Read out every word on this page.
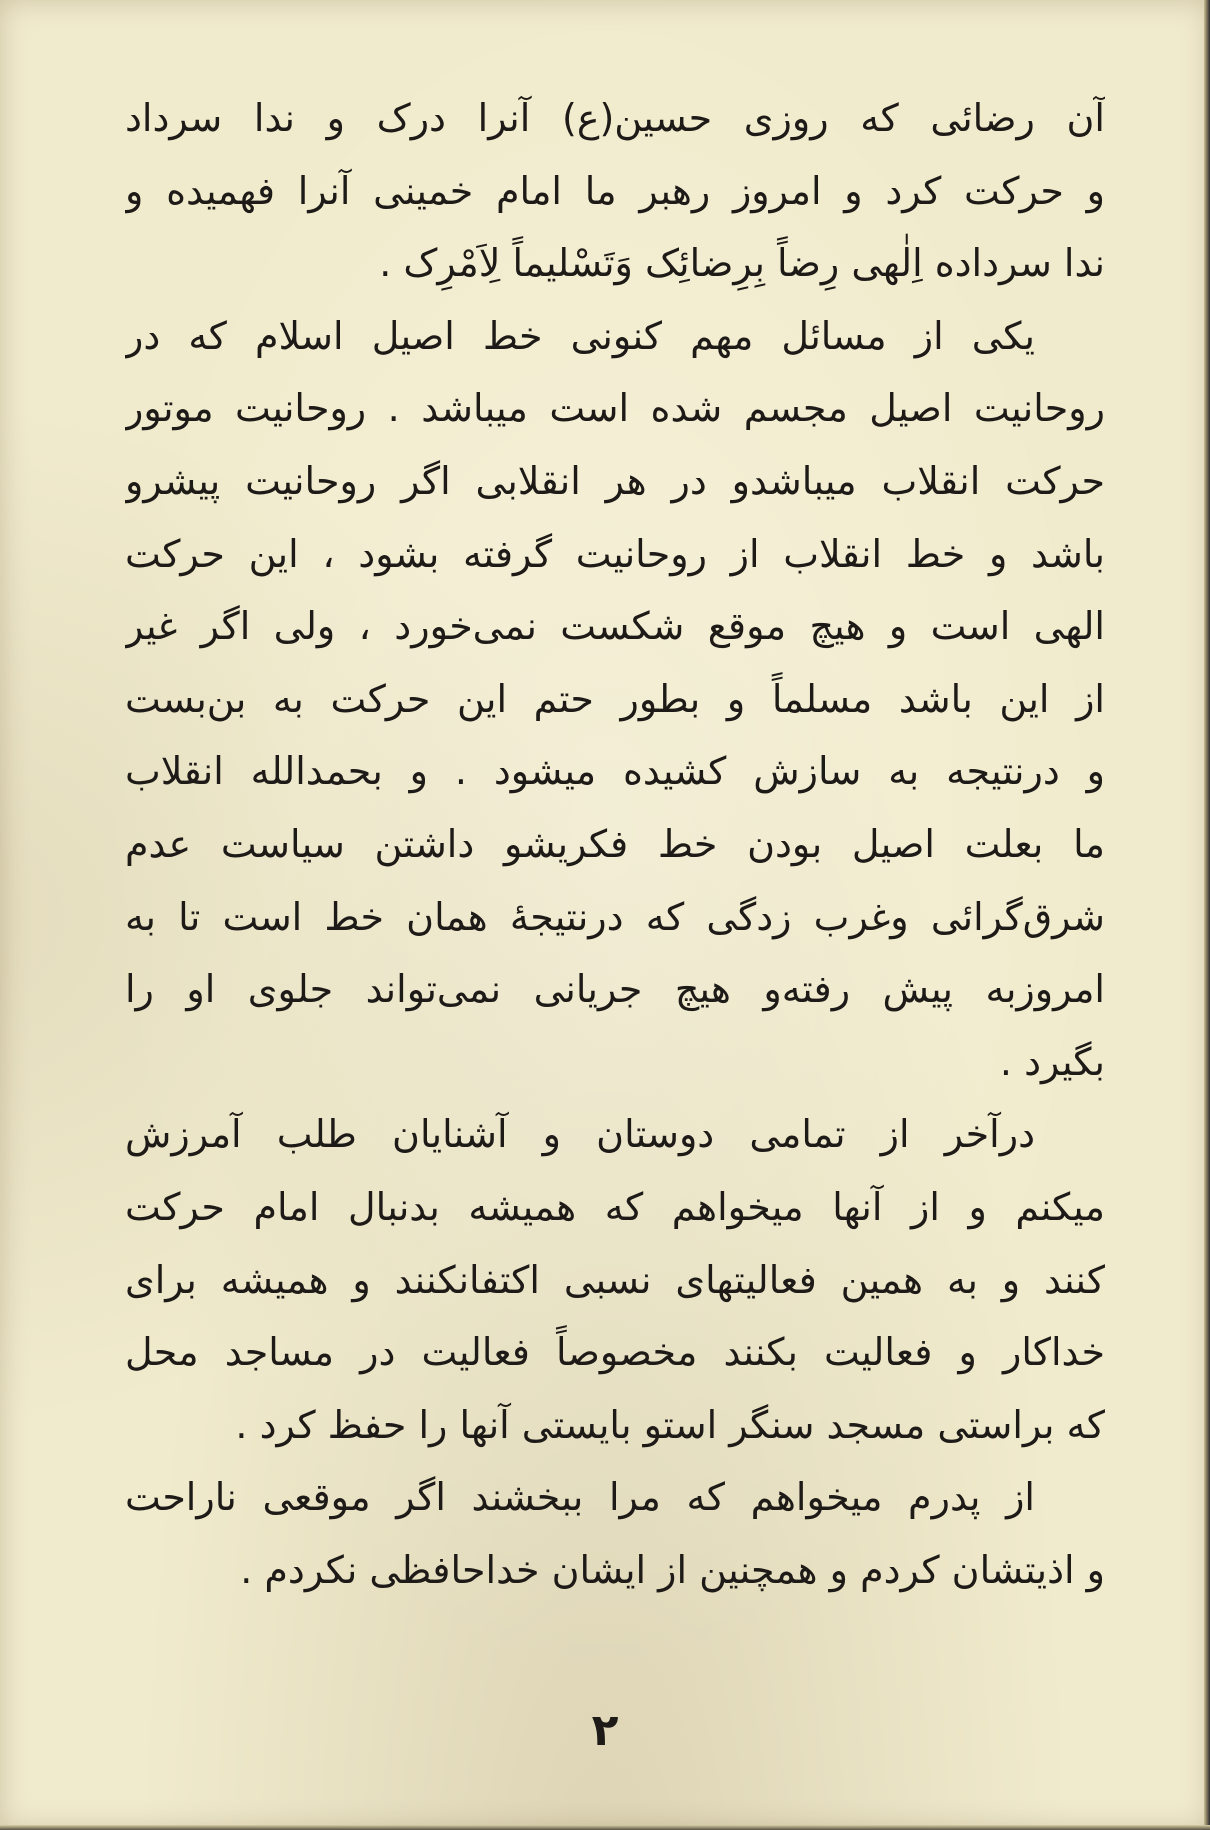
آن رضائی که روزی حسین(ع) آنرا درک و ندا سرداد
و حرکت کرد و امروز رهبر ما امام خمینی آنرا فهمیده و
ندا سرداده اِلٰهی رِضاً بِرِضائِک وَتَسْلیماً لِاَمْرِک .
یکی از مسائل مهم کنونی خط اصیل اسلام که در
روحانیت اصیل مجسم شده است میباشد . روحانیت موتور
حرکت انقلاب میباشدو در هر انقلابی اگر روحانیت پیشرو
باشد و خط انقلاب از روحانیت گرفته بشود ، این حرکت
الهی است و هیچ موقع شکست نمی‌خورد ، ولی اگر غیر
از این باشد مسلماً و بطور حتم این حرکت به بن‌بست
و درنتیجه به سازش کشیده میشود . و بحمدالله انقلاب
ما بعلت اصیل بودن خط فکریشو داشتن سیاست عدم
شرق‌گرائی وغرب زدگی که درنتیجهٔ همان خط است تا به
امروزبه پیش رفته‌و هیچ جریانی نمی‌تواند جلوی او را
بگیرد .
درآخر از تمامی دوستان و آشنایان طلب آمرزش
میکنم و از آنها میخواهم که همیشه بدنبال امام حرکت
کنند و به همین فعالیتهای نسبی اکتفانکنند و همیشه برای
خداکار و فعالیت بکنند مخصوصاً فعالیت در مساجد محل
که براستی مسجد سنگر استو بایستی آنها را حفظ کرد .
از پدرم میخواهم که مرا ببخشند اگر موقعی ناراحت
و اذیتشان کردم و همچنین از ایشان خداحافظی نکردم .
۲
